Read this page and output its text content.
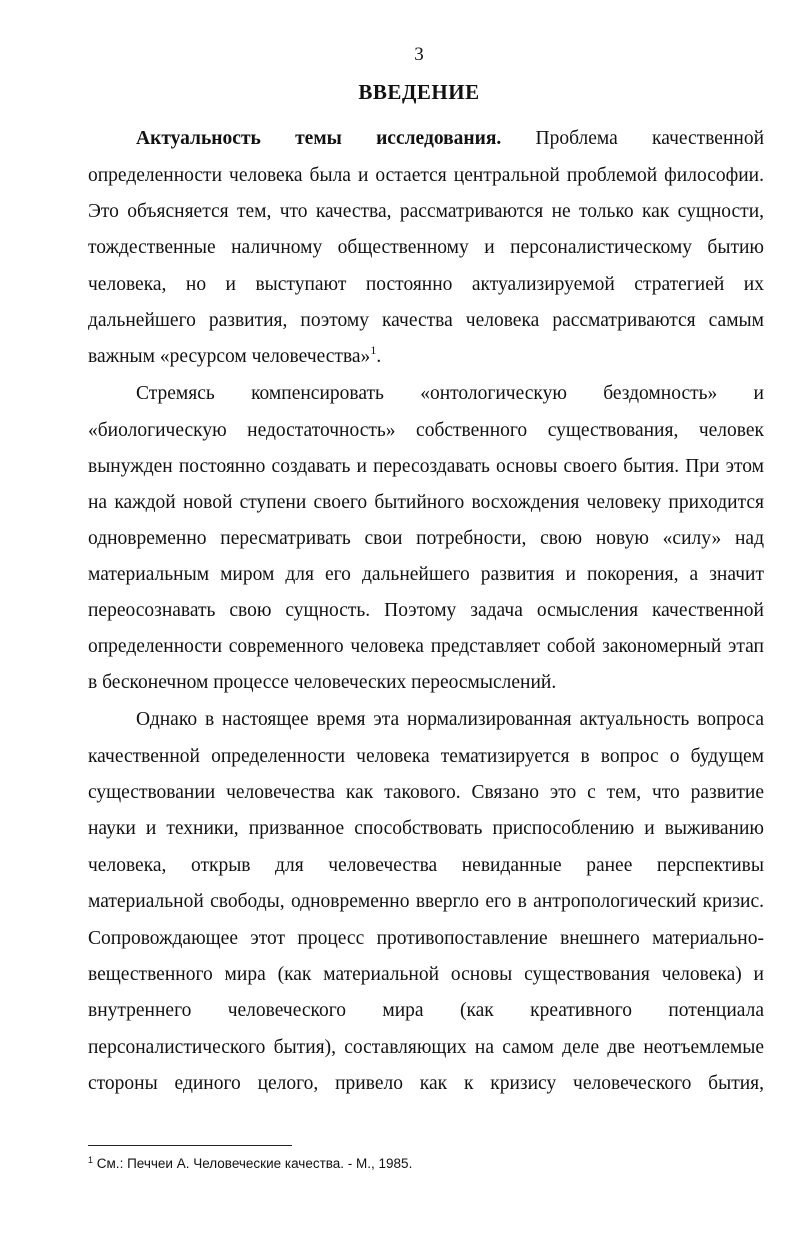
3
ВВЕДЕНИЕ
Актуальность темы исследования. Проблема качественной
определенности человека была и остается центральной проблемой философии.
Это объясняется тем, что качества, рассматриваются не только как сущности,
тождественные наличному общественному и персоналистическому бытию
человека, но и выступают постоянно актуализируемой стратегией их
дальнейшего развития, поэтому качества человека рассматриваются самым
важным «ресурсом человечества»$^1$.
Стремясь компенсировать «онтологическую бездомность» и
«биологическую недостаточность» собственного существования, человек
вынужден постоянно создавать и пересоздавать основы своего бытия. При этом
на каждой новой ступени своего бытийного восхождения человеку приходится
одновременно пересматривать свои потребности, свою новую «силу» над
материальным миром для его дальнейшего развития и покорения, а значит
переосознавать свою сущность. Поэтому задача осмысления качественной
определенности современного человека представляет собой закономерный этап
в бесконечном процессе человеческих переосмыслений.
Однако в настоящее время эта нормализированная актуальность вопроса
качественной определенности человека тематизируется в вопрос о будущем
существовании человечества как такового. Связано это с тем, что развитие
науки и техники, призванное способствовать приспособлению и выживанию
человека, открыв для человечества невиданные ранее перспективы
материальной свободы, одновременно ввергло его в антропологический кризис.
Сопровождающее этот процесс противопоставление внешнего материально-
вещественного мира (как материальной основы существования человека) и
внутреннего человеческого мира (как креативного потенциала
персоналистического бытия), составляющих на самом деле две неотъемлемые
стороны единого целого, привело как к кризису человеческого бытия,
$^1$ См.: Печчеи А. Человеческие качества. - М., 1985.
